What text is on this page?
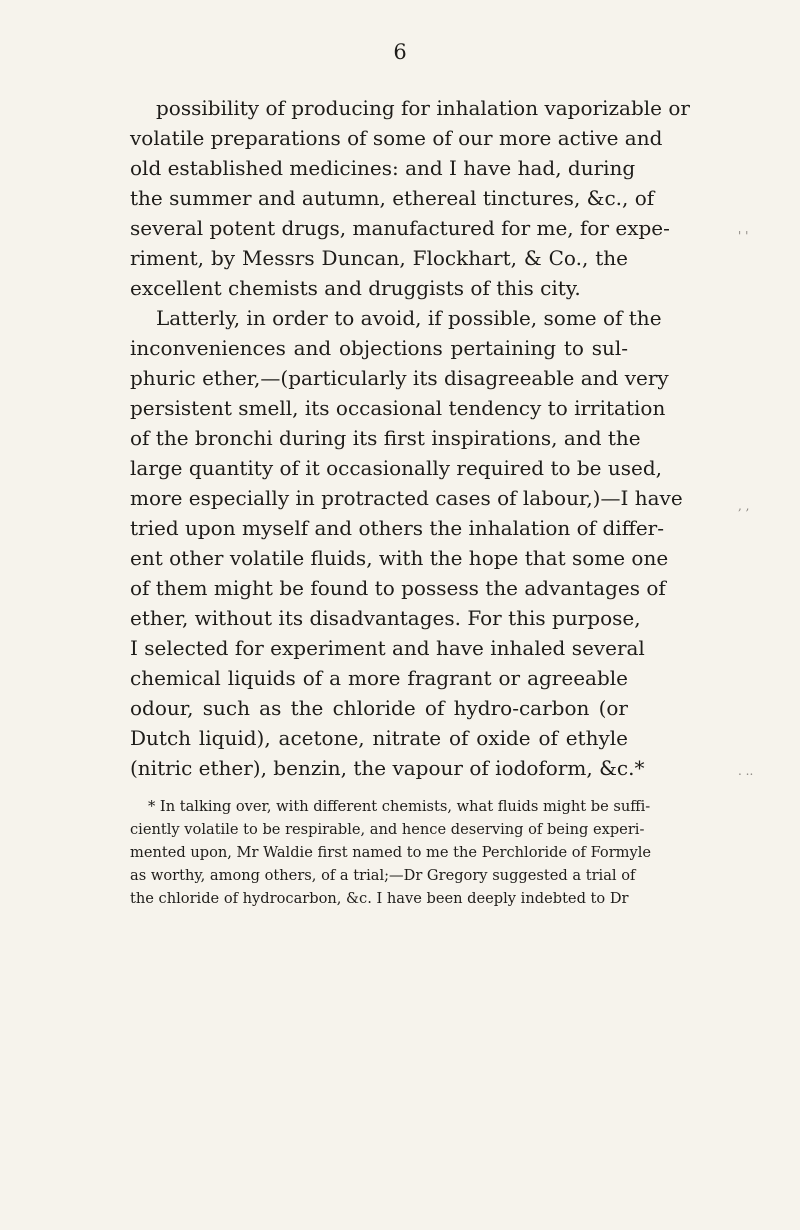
6
possibility of producing for inhalation vaporizable or
volatile preparations of some of our more active and
old established medicines: and I have had, during
the summer and autumn, ethereal tinctures, &c., of
several potent drugs, manufactured for me, for expe-
riment, by Messrs Duncan, Flockhart, & Co., the
excellent chemists and druggists of this city.
Latterly, in order to avoid, if possible, some of the
inconveniences and objections pertaining to sul-
phuric ether,—(particularly its disagreeable and very
persistent smell, its occasional tendency to irritation
of the bronchi during its first inspirations, and the
large quantity of it occasionally required to be used,
more especially in protracted cases of labour,)—I have
tried upon myself and others the inhalation of differ-
ent other volatile fluids, with the hope that some one
of them might be found to possess the advantages of
ether, without its disadvantages. For this purpose,
I selected for experiment and have inhaled several
chemical liquids of a more fragrant or agreeable
odour, such as the chloride of hydro-carbon (or
Dutch liquid), acetone, nitrate of oxide of ethyle
(nitric ether), benzin, the vapour of iodoform, &c.*
* In talking over, with different chemists, what fluids might be suffi-
ciently volatile to be respirable, and hence deserving of being experi-
mented upon, Mr Waldie first named to me the Perchloride of Formyle
as worthy, among others, of a trial;—Dr Gregory suggested a trial of
the chloride of hydrocarbon, &c. I have been deeply indebted to Dr
' '
, ,
. ..
